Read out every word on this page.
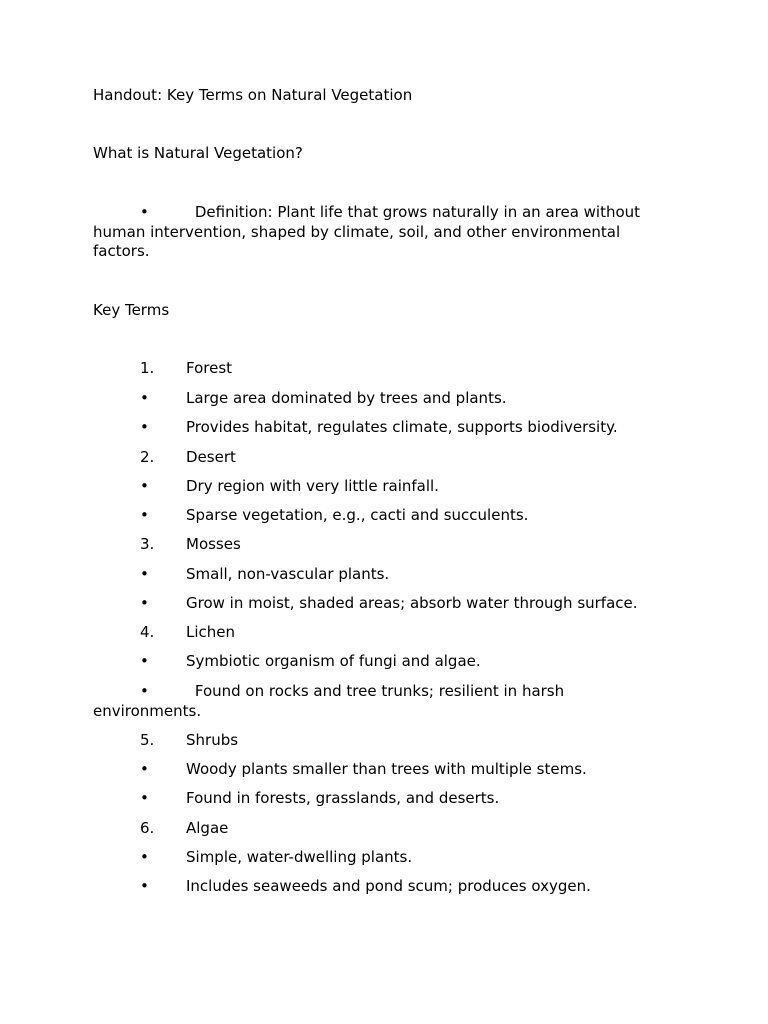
Handout: Key Terms on Natural Vegetation
What is Natural Vegetation?
•	Definition: Plant life that grows naturally in an area without human intervention, shaped by climate, soil, and other environmental factors.
Key Terms
1. Forest
• Large area dominated by trees and plants.
• Provides habitat, regulates climate, supports biodiversity.
2. Desert
• Dry region with very little rainfall.
• Sparse vegetation, e.g., cacti and succulents.
3. Mosses
• Small, non-vascular plants.
• Grow in moist, shaded areas; absorb water through surface.
4. Lichen
• Symbiotic organism of fungi and algae.
•	Found on rocks and tree trunks; resilient in harsh environments.
5. Shrubs
• Woody plants smaller than trees with multiple stems.
• Found in forests, grasslands, and deserts.
6. Algae
• Simple, water-dwelling plants.
• Includes seaweeds and pond scum; produces oxygen.
